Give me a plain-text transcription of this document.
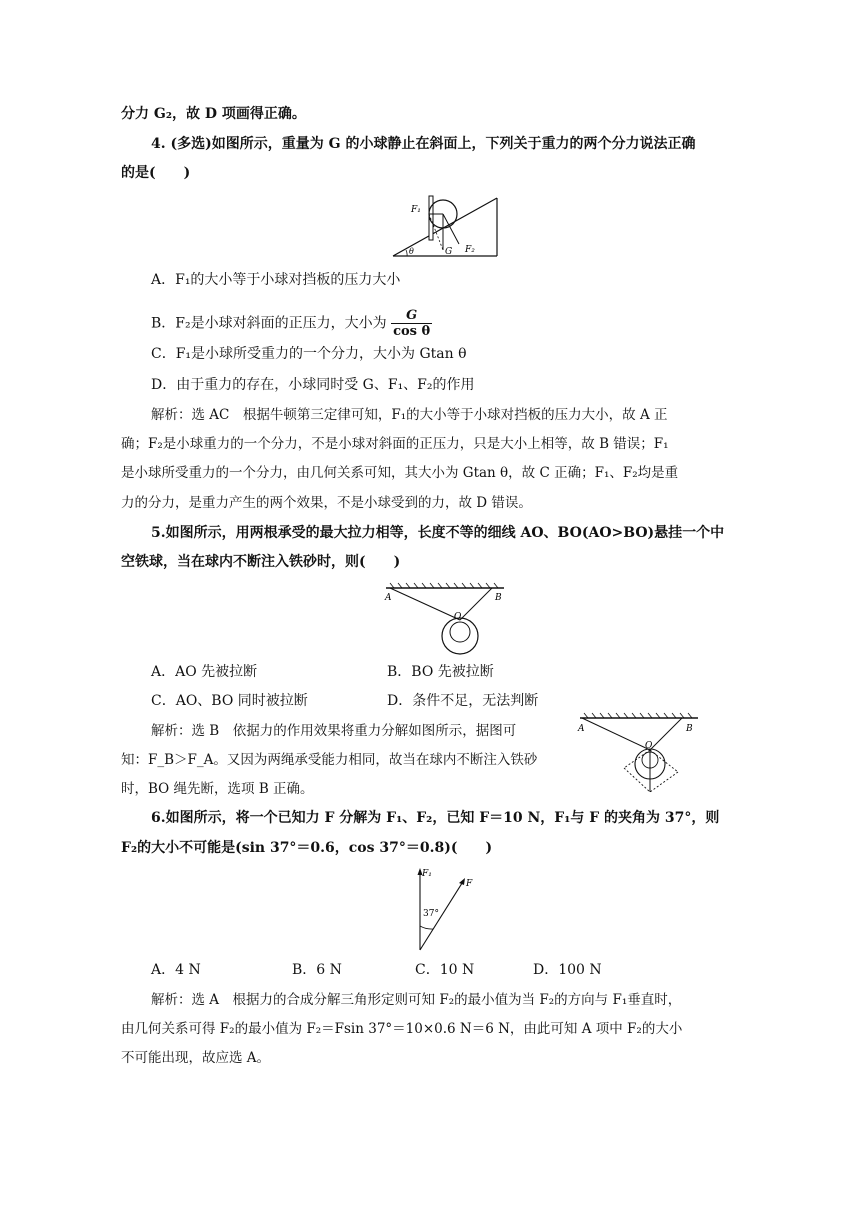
分力 G₂，故 D 项画得正确。
4. (多选)如图所示，重量为 G 的小球静止在斜面上，下列关于重力的两个分力说法正确
的是(　　)
F₁
G F₂
θ
A．F₁的大小等于小球对挡板的压力大小
B．F₂是小球对斜面的正压力，大小为 $\frac{G}{\text{cos θ}}$
C．F₁是小球所受重力的一个分力，大小为 Gtan θ
D．由于重力的存在，小球同时受 G、F₁、F₂的作用
解析：选 AC　根据牛顿第三定律可知，F₁的大小等于小球对挡板的压力大小，故 A 正
确；F₂是小球重力的一个分力，不是小球对斜面的正压力，只是大小上相等，故 B 错误；F₁
是小球所受重力的一个分力，由几何关系可知，其大小为 Gtan θ，故 C 正确；F₁、F₂均是重
力的分力，是重力产生的两个效果，不是小球受到的力，故 D 错误。
5.如图所示，用两根承受的最大拉力相等，长度不等的细线 AO、BO(AO>BO)悬挂一个中
空铁球，当在球内不断注入铁砂时，则(　　)
A	B
O
A．AO 先被拉断	B．BO 先被拉断
C．AO、BO 同时被拉断	D．条件不足，无法判断
解析：选 B　依据力的作用效果将重力分解如图所示，据图可
知：F_B＞F_A。又因为两绳承受能力相同，故当在球内不断注入铁砂
时，BO 绳先断，选项 B 正确。
A	B
O
6.如图所示，将一个已知力 F 分解为 F₁、F₂，已知 F＝10 N，F₁与 F 的夹角为 37°，则
F₂的大小不可能是(sin 37°＝0.6，cos 37°＝0.8)(　　)
F₁
F
37°
A．4 N	B．6 N	C．10 N	D．100 N
解析：选 A　根据力的合成分解三角形定则可知 F₂的最小值为当 F₂的方向与 F₁垂直时，
由几何关系可得 F₂的最小值为 F₂＝Fsin 37°＝10×0.6 N＝6 N，由此可知 A 项中 F₂的大小
不可能出现，故应选 A。
